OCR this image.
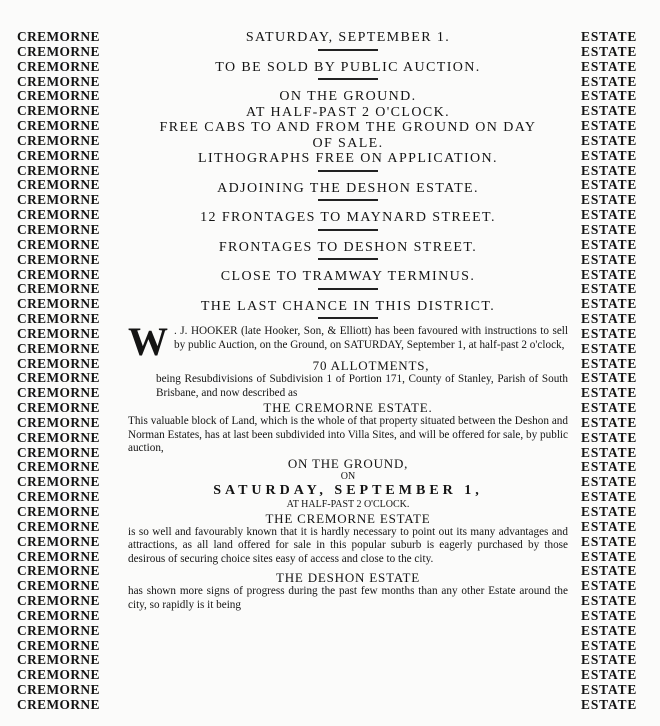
CREMORNE
CREMORNE
CREMORNE
CREMORNE
CREMORNE
CREMORNE
CREMORNE
CREMORNE
CREMORNE
CREMORNE
CREMORNE
CREMORNE
CREMORNE
CREMORNE
CREMORNE
CREMORNE
CREMORNE
CREMORNE
CREMORNE
CREMORNE
CREMORNE
CREMORNE
CREMORNE
CREMORNE
CREMORNE
CREMORNE
CREMORNE
CREMORNE
CREMORNE
CREMORNE
CREMORNE
CREMORNE
CREMORNE
CREMORNE
CREMORNE
CREMORNE
CREMORNE
CREMORNE
CREMORNE
CREMORNE
CREMORNE
CREMORNE
CREMORNE
CREMORNE
CREMORNE
CREMORNE
ESTATE
ESTATE
ESTATE
ESTATE
ESTATE
ESTATE
ESTATE
ESTATE
ESTATE
ESTATE
ESTATE
ESTATE
ESTATE
ESTATE
ESTATE
ESTATE
ESTATE
ESTATE
ESTATE
ESTATE
ESTATE
ESTATE
ESTATE
ESTATE
ESTATE
ESTATE
ESTATE
ESTATE
ESTATE
ESTATE
ESTATE
ESTATE
ESTATE
ESTATE
ESTATE
ESTATE
ESTATE
ESTATE
ESTATE
ESTATE
ESTATE
ESTATE
ESTATE
ESTATE
ESTATE
ESTATE
SATURDAY, SEPTEMBER 1.
TO BE SOLD BY PUBLIC AUCTION.
ON THE GROUND.
AT HALF-PAST 2 O'CLOCK.
FREE CABS TO AND FROM THE GROUND ON DAY
OF SALE.
LITHOGRAPHS FREE ON APPLICATION.
ADJOINING THE DESHON ESTATE.
12 FRONTAGES TO MAYNARD STREET.
FRONTAGES TO DESHON STREET.
CLOSE TO TRAMWAY TERMINUS.
THE LAST CHANCE IN THIS DISTRICT.

W . J. HOOKER (late Hooker, Son, & Elliott) has been favoured with instructions to sell by public Auction, on the Ground, on SATURDAY, September 1, at half-past 2 o'clock,

70 ALLOTMENTS,

being Resubdivisions of Subdivision 1 of Portion 171, County of Stanley, Parish of South Brisbane, and now described as

THE CREMORNE ESTATE.

This valuable block of Land, which is the whole of that property situated between the Deshon and Norman Estates, has at last been subdivided into Villa Sites, and will be offered for sale, by public auction,

ON THE GROUND,
ON
SATURDAY, SEPTEMBER 1,
AT HALF-PAST 2 O'CLOCK.
THE CREMORNE ESTATE

is so well and favourably known that it is hardly necessary to point out its many advantages and attractions, as all land offered for sale in this popular suburb is eagerly purchased by those desirous of securing choice sites easy of access and close to the city.

THE DESHON ESTATE

has shown more signs of progress during the past few months than any other Estate around the city, so rapidly is it being
